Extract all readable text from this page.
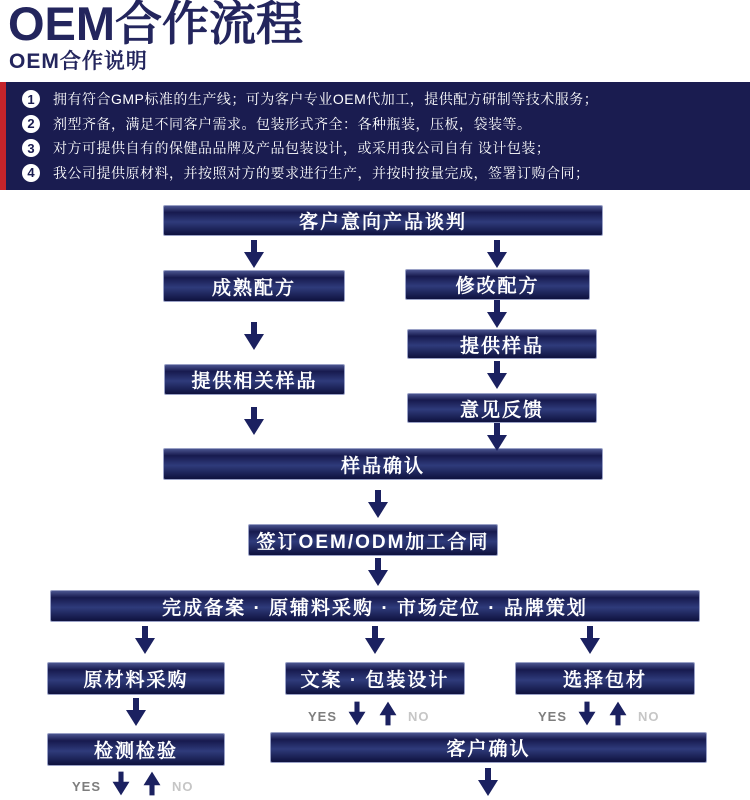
OEM合作流程
OEM合作说明
1	拥有符合GMP标准的生产线；可为客户专业OEM代加工，提供配方研制等技术服务；
2	剂型齐备，满足不同客户需求。包装形式齐全：各种瓶装，压板，袋装等。
3	对方可提供自有的保健品品牌及产品包装设计，或采用我公司自有 设计包装；
4	我公司提供原材料，并按照对方的要求进行生产，并按时按量完成，签署订购合同；
客户意向产品谈判
成熟配方	修改配方
提供样品
提供相关样品
意见反馈
样品确认
签订OEM/ODM加工合同
完成备案 · 原辅料采购 · 市场定位 · 品牌策划
原材料采购	文案 · 包装设计	选择包材
检测检验	客户确认
YES	NO	YES	NO
YES	NO
